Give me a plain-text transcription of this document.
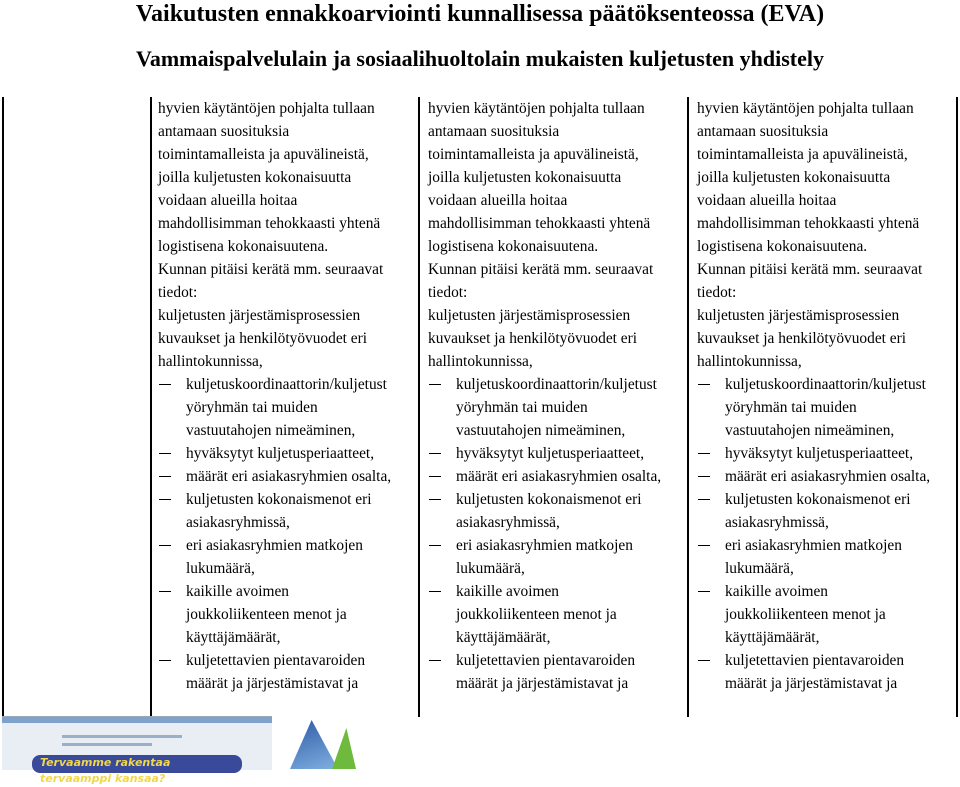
Vaikutusten ennakkoarviointi kunnallisessa päätöksenteossa (EVA)
Vammaispalvelulain ja sosiaalihuoltolain mukaisten kuljetusten yhdistely
hyvien käytäntöjen pohjalta tullaan
antamaan suosituksia
toimintamalleista ja apuvälineistä,
joilla kuljetusten kokonaisuutta
voidaan alueilla hoitaa
mahdollisimman tehokkaasti yhtenä
logistisena kokonaisuutena.
Kunnan pitäisi kerätä mm. seuraavat
tiedot:
kuljetusten järjestämisprosessien
kuvaukset ja henkilötyövuodet eri
hallintokunnissa,
kuljetuskoordinaattorin/kuljetust
yöryhmän tai muiden
vastuutahojen nimeäminen,
hyväksytyt kuljetusperiaatteet,
määrät eri asiakasryhmien osalta,
kuljetusten kokonaismenot eri
asiakasryhmissä,
eri asiakasryhmien matkojen
lukumäärä,
kaikille avoimen
joukkoliikenteen menot ja
käyttäjämäärät,
kuljetettavien pientavaroiden
määrät ja järjestämistavat ja
hyvien käytäntöjen pohjalta tullaan
antamaan suosituksia
toimintamalleista ja apuvälineistä,
joilla kuljetusten kokonaisuutta
voidaan alueilla hoitaa
mahdollisimman tehokkaasti yhtenä
logistisena kokonaisuutena.
Kunnan pitäisi kerätä mm. seuraavat
tiedot:
kuljetusten järjestämisprosessien
kuvaukset ja henkilötyövuodet eri
hallintokunnissa,
kuljetuskoordinaattorin/kuljetust
yöryhmän tai muiden
vastuutahojen nimeäminen,
hyväksytyt kuljetusperiaatteet,
määrät eri asiakasryhmien osalta,
kuljetusten kokonaismenot eri
asiakasryhmissä,
eri asiakasryhmien matkojen
lukumäärä,
kaikille avoimen
joukkoliikenteen menot ja
käyttäjämäärät,
kuljetettavien pientavaroiden
määrät ja järjestämistavat ja
hyvien käytäntöjen pohjalta tullaan
antamaan suosituksia
toimintamalleista ja apuvälineistä,
joilla kuljetusten kokonaisuutta
voidaan alueilla hoitaa
mahdollisimman tehokkaasti yhtenä
logistisena kokonaisuutena.
Kunnan pitäisi kerätä mm. seuraavat
tiedot:
kuljetusten järjestämisprosessien
kuvaukset ja henkilötyövuodet eri
hallintokunnissa,
kuljetuskoordinaattorin/kuljetust
yöryhmän tai muiden
vastuutahojen nimeäminen,
hyväksytyt kuljetusperiaatteet,
määrät eri asiakasryhmien osalta,
kuljetusten kokonaismenot eri
asiakasryhmissä,
eri asiakasryhmien matkojen
lukumäärä,
kaikille avoimen
joukkoliikenteen menot ja
käyttäjämäärät,
kuljetettavien pientavaroiden
määrät ja järjestämistavat ja
Tervaamme rakentaa tervaamppi kansaa?
